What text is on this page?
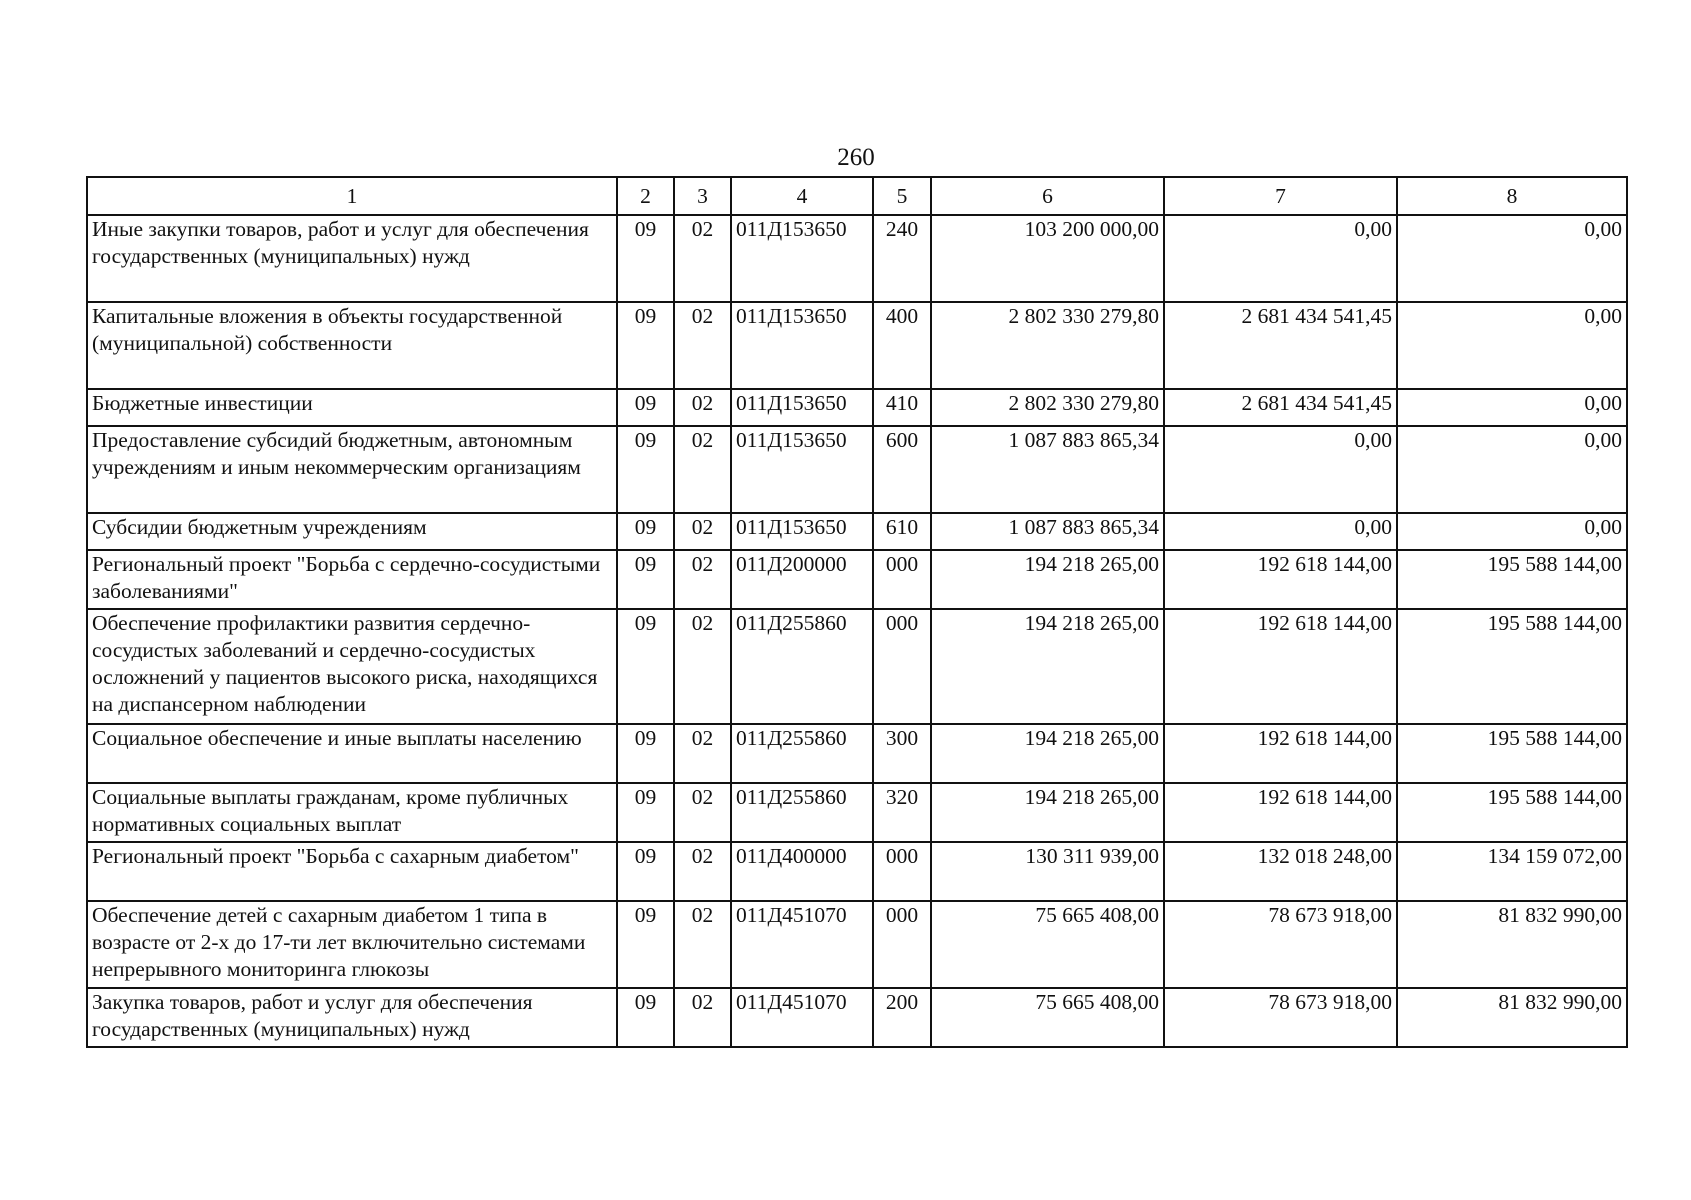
260
1	2	3	4	5	6	7	8
Иные закупки товаров, работ и услуг для обеспечения государственных (муниципальных) нужд	09	02	011Д153650	240	103 200 000,00	0,00	0,00
Капитальные вложения в объекты государственной (муниципальной) собственности	09	02	011Д153650	400	2 802 330 279,80	2 681 434 541,45	0,00
Бюджетные инвестиции	09	02	011Д153650	410	2 802 330 279,80	2 681 434 541,45	0,00
Предоставление субсидий бюджетным, автономным учреждениям и иным некоммерческим организациям	09	02	011Д153650	600	1 087 883 865,34	0,00	0,00
Субсидии бюджетным учреждениям	09	02	011Д153650	610	1 087 883 865,34	0,00	0,00
Региональный проект "Борьба с сердечно-сосудистыми заболеваниями"	09	02	011Д200000	000	194 218 265,00	192 618 144,00	195 588 144,00
Обеспечение профилактики развития сердечно-сосудистых заболеваний и сердечно-сосудистых осложнений у пациентов высокого риска, находящихся на диспансерном наблюдении	09	02	011Д255860	000	194 218 265,00	192 618 144,00	195 588 144,00
Социальное обеспечение и иные выплаты населению	09	02	011Д255860	300	194 218 265,00	192 618 144,00	195 588 144,00
Социальные выплаты гражданам, кроме публичных нормативных социальных выплат	09	02	011Д255860	320	194 218 265,00	192 618 144,00	195 588 144,00
Региональный проект "Борьба с сахарным диабетом"	09	02	011Д400000	000	130 311 939,00	132 018 248,00	134 159 072,00
Обеспечение детей с сахарным диабетом 1 типа в возрасте от 2-х до 17-ти лет включительно системами непрерывного мониторинга глюкозы	09	02	011Д451070	000	75 665 408,00	78 673 918,00	81 832 990,00
Закупка товаров, работ и услуг для обеспечения государственных (муниципальных) нужд	09	02	011Д451070	200	75 665 408,00	78 673 918,00	81 832 990,00
